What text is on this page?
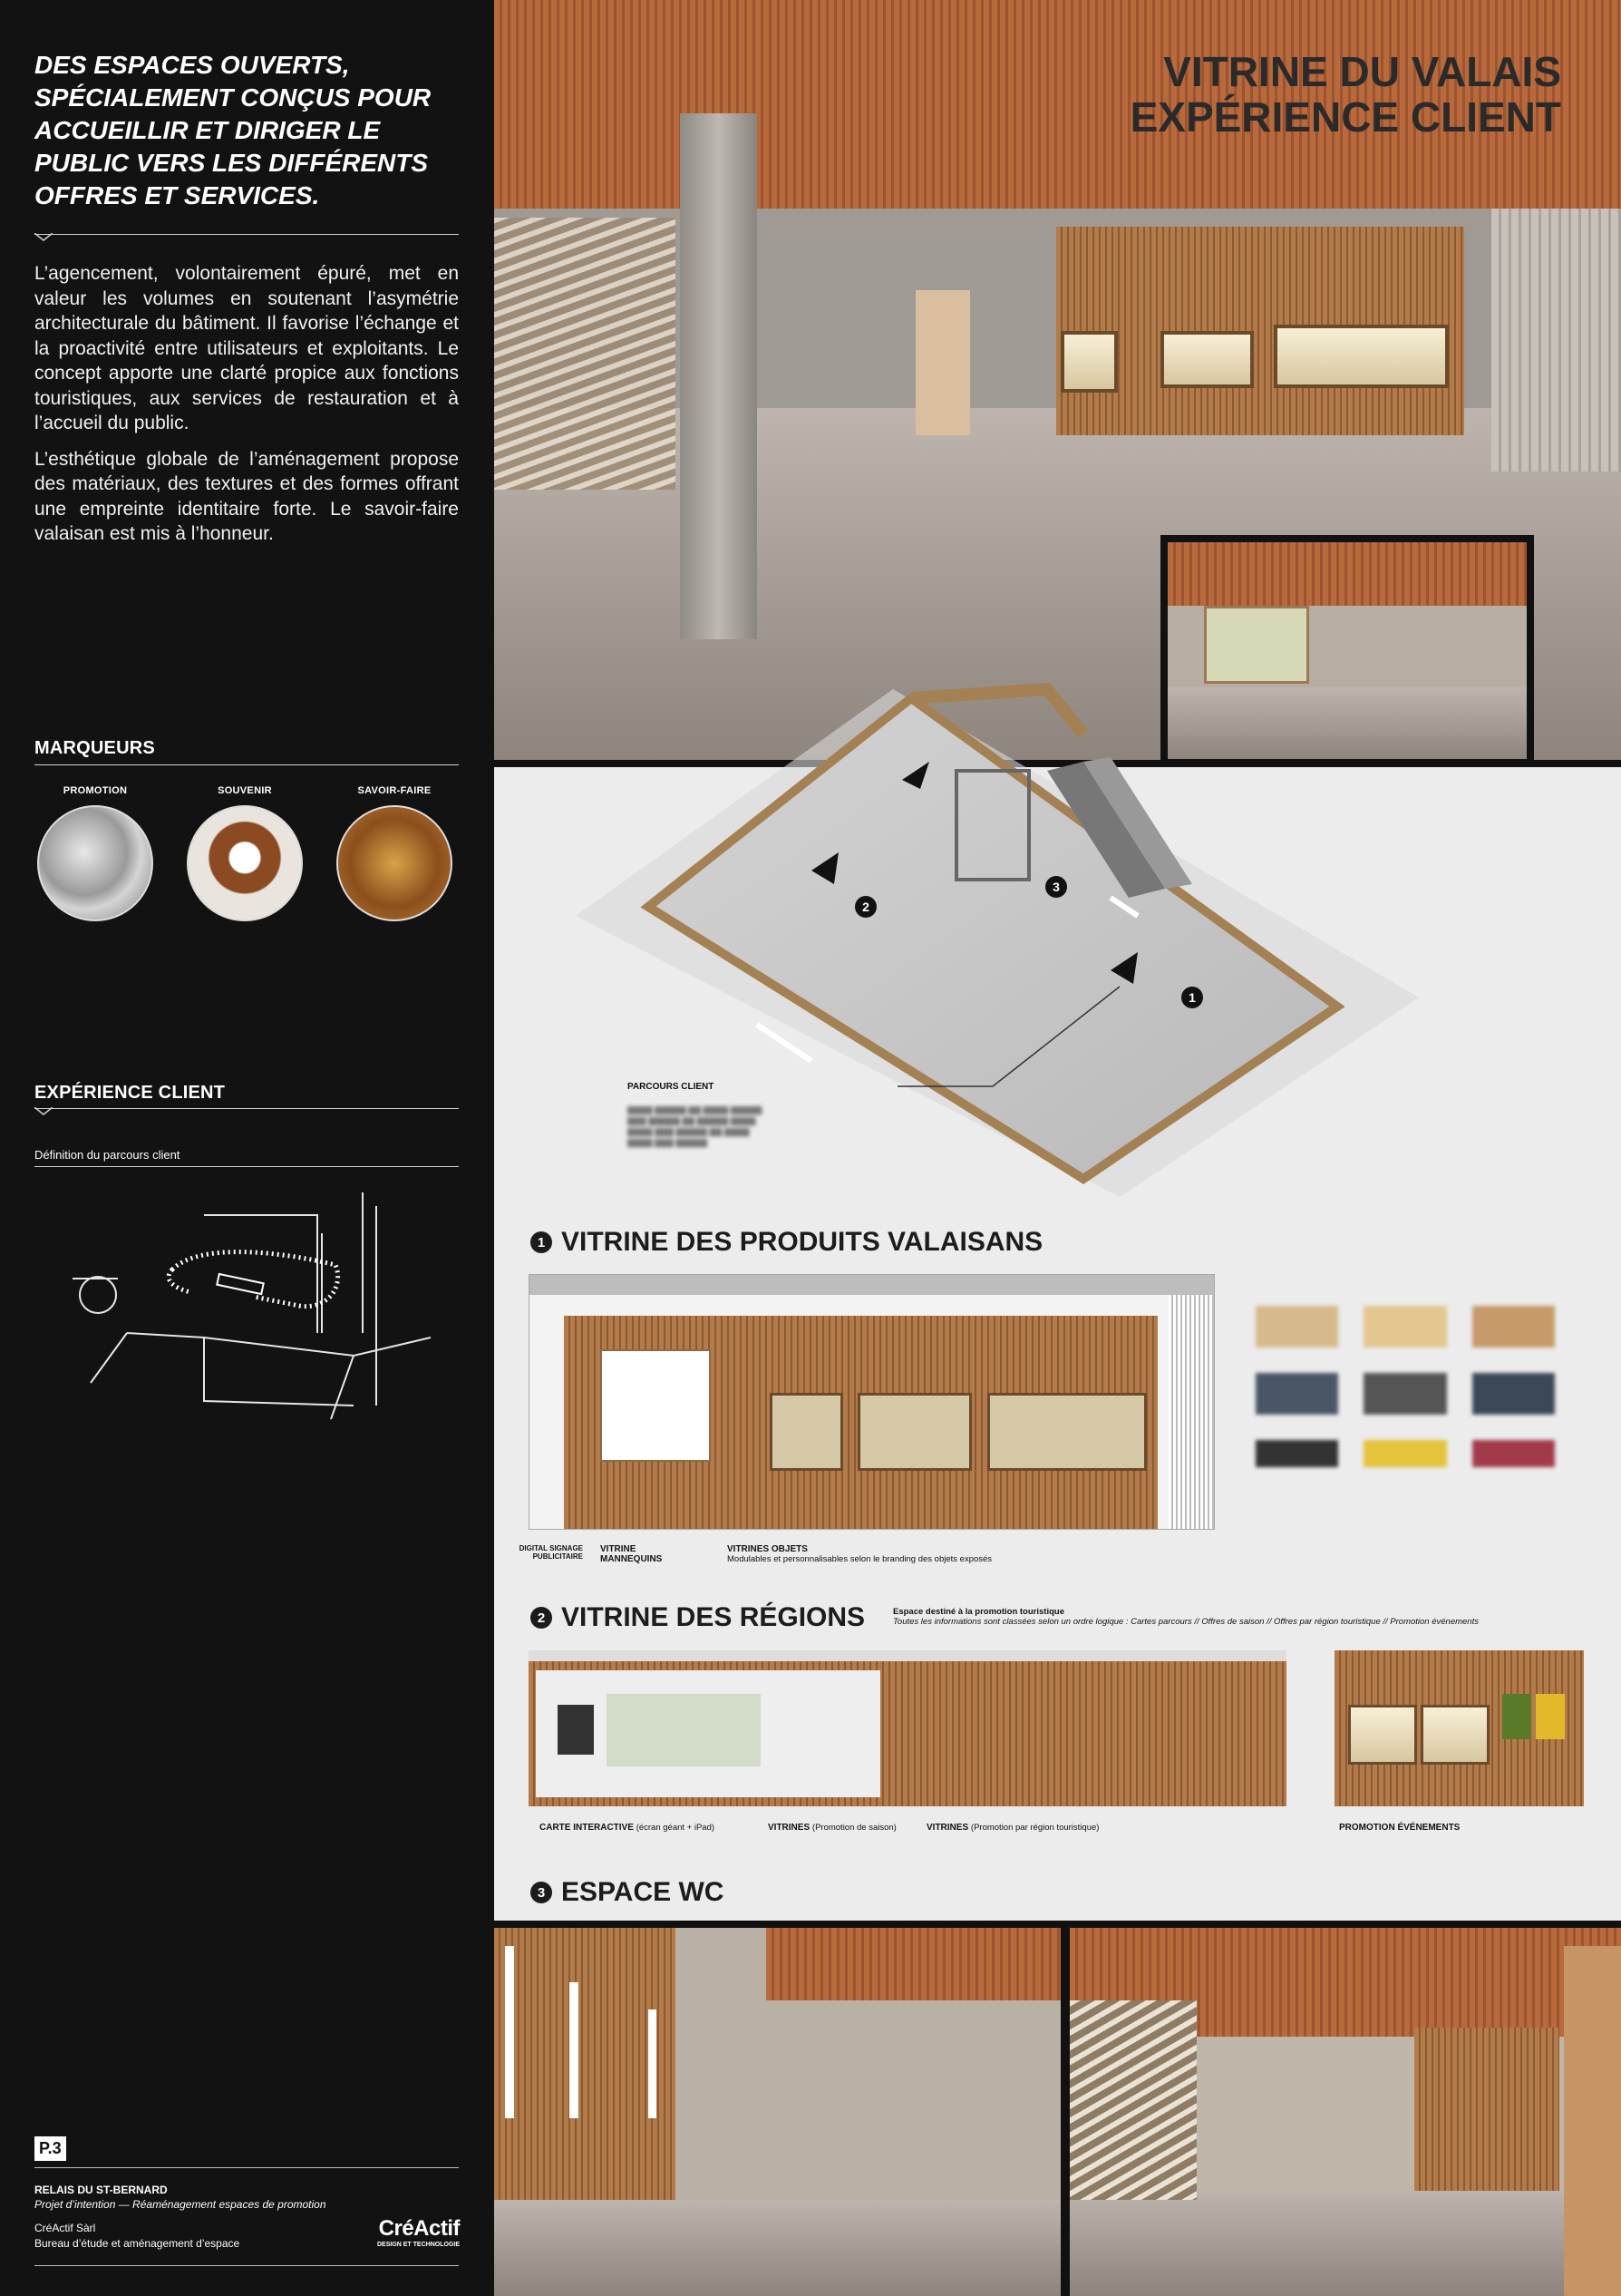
DES ESPACES OUVERTS, SPÉCIALEMENT CONÇUS POUR ACCUEILLIR ET DIRIGER LE PUBLIC VERS LES DIFFÉRENTS OFFRES ET SERVICES.

L’agencement, volontairement épuré, met en valeur les volumes en soutenant l’asymétrie architecturale du bâtiment. Il favorise l’échange et la proactivité entre utilisateurs et exploitants. Le concept apporte une clarté propice aux fonctions touristiques, aux services de restauration et à l’accueil du public.

L’esthétique globale de l’aménagement propose des matériaux, des textures et des formes offrant une empreinte identitaire forte. Le savoir-faire valaisan est mis à l’honneur.

MARQUEURS
PROMOTION	SOUVENIR	SAVOIR-FAIRE
EXPÉRIENCE CLIENT
Définition du parcours client
P.3
RELAIS DU ST-BERNARD
Projet d’intention — Réaménagement espaces de promotion
CréActif Sàrl
Bureau d’étude et aménagement d’espace
CréActif
DESIGN ET TECHNOLOGIE
VITRINE DU VALAIS
EXPÉRIENCE CLIENT
1
2
3
PARCOURS CLIENT
▇▇▇▇ ▇▇▇▇▇ ▇▇ ▇▇▇▇ ▇▇▇▇▇ ▇▇▇ ▇▇▇▇▇ ▇▇ ▇▇▇▇▇ ▇▇▇▇ ▇▇▇▇ ▇▇▇ ▇▇▇▇▇ ▇▇ ▇▇▇▇ ▇▇▇▇ ▇▇▇ ▇▇▇▇▇
1 VITRINE DES PRODUITS VALAISANS
DIGITAL SIGNAGE PUBLICITAIRE
VITRINE MANNEQUINS
VITRINES OBJETS
Modulables et personnalisables selon le branding des objets exposés
2 VITRINE DES RÉGIONS	Espace destiné à la promotion touristique
Toutes les informations sont classées selon un ordre logique : Cartes parcours // Offres de saison // Offres par région touristique // Promotion événements
CARTE INTERACTIVE (écran géant + iPad)	VITRINES (Promotion de saison)	VITRINES (Promotion par région touristique)	PROMOTION ÉVÉNEMENTS
3 ESPACE WC
